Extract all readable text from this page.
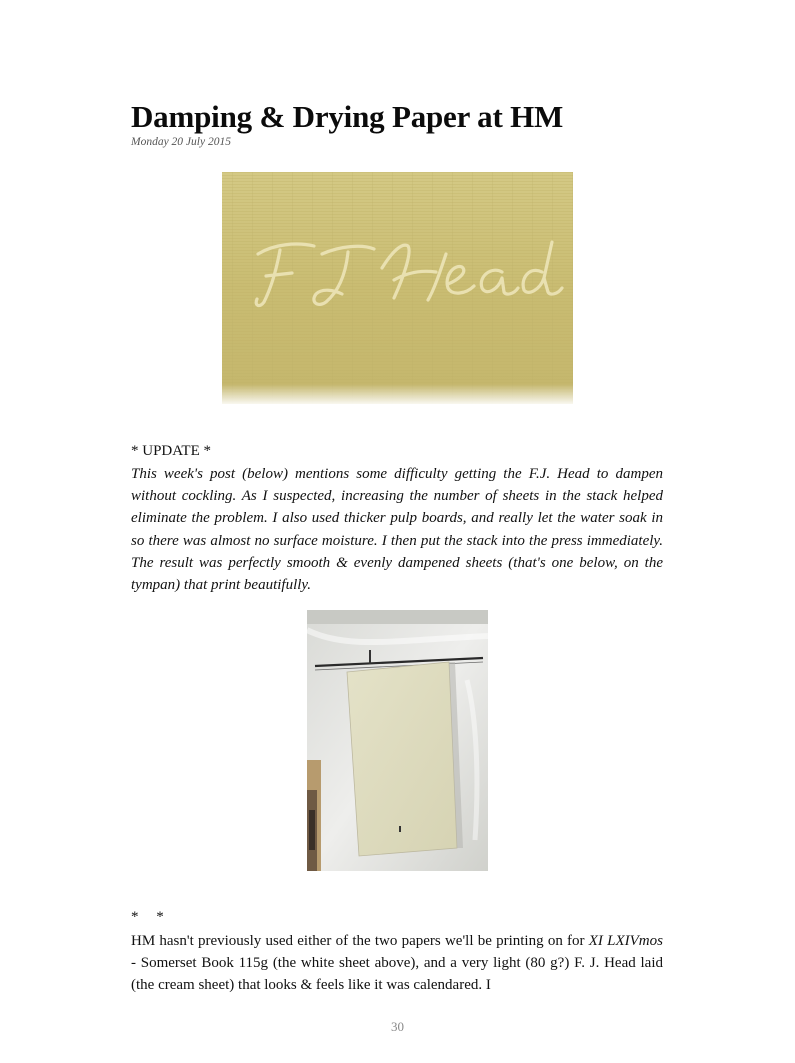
Damping & Drying Paper at HM
Monday 20 July 2015
* UPDATE *

This week's post (below) mentions some difficulty getting the F.J. Head to dampen without cockling. As I suspected, increasing the number of sheets in the stack helped eliminate the problem. I also used thicker pulp boards, and really let the water soak in so there was almost no surface moisture. I then put the stack into the press immediately. The result was perfectly smooth & evenly dampened sheets (that's one below, on the tympan) that print beautifully.

* *

HM hasn't previously used either of the two papers we'll be printing on for XI LXIVmos - Somerset Book 115g (the white sheet above), and a very light (80 g?) F. J. Head laid (the cream sheet) that looks & feels like it was calendared. I

30
